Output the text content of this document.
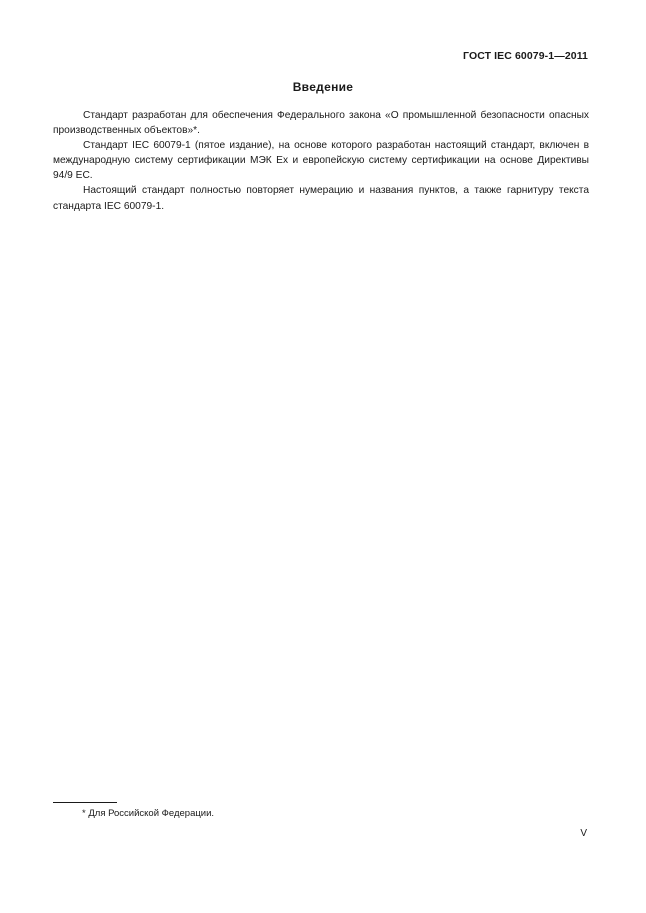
ГОСТ IEC 60079-1—2011
Введение

Стандарт разработан для обеспечения Федерального закона «О промышленной безопасности опасных производственных объектов»*.

Стандарт IEC 60079-1 (пятое издание), на основе которого разработан настоящий стандарт, включен в международную систему сертификации МЭК Ex и европейскую систему сертификации на основе Директивы 94/9 ЕС.

Настоящий стандарт полностью повторяет нумерацию и названия пунктов, а также гарнитуру текста стандарта IEC 60079-1.

* Для Российской Федерации.
V
